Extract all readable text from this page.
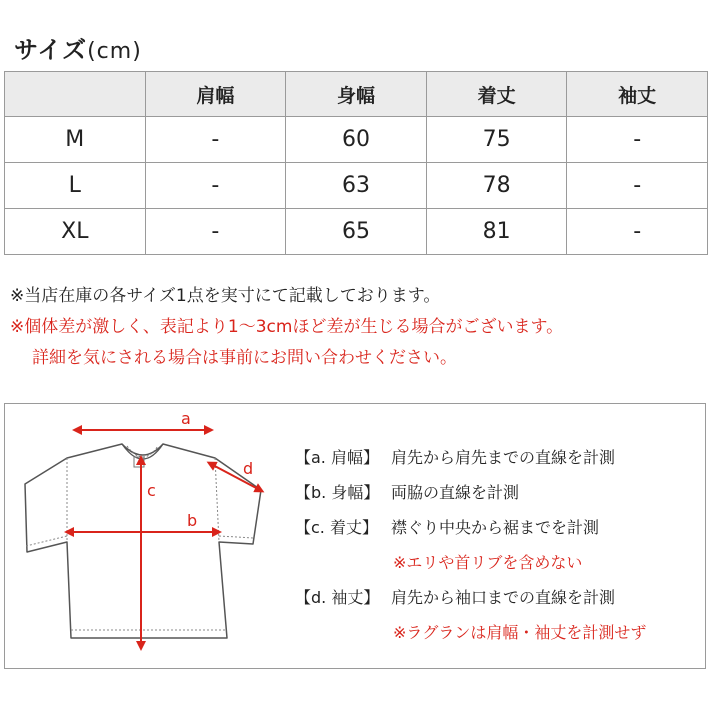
サイズ(cm)
	肩幅	身幅	着丈	袖丈
M	-	60	75	-
L	-	63	78	-
XL	-	65	81	-
※当店在庫の各サイズ1点を実寸にて記載しております。
※個体差が激しく、表記より1〜3cmほど差が生じる場合がございます。
詳細を気にされる場合は事前にお問い合わせください。
a
b
c
d
【a. 肩幅】 肩先から肩先までの直線を計測
【b. 身幅】 両脇の直線を計測
【c. 着丈】 襟ぐり中央から裾までを計測
※エリや首リブを含めない
【d. 袖丈】 肩先から袖口までの直線を計測
※ラグランは肩幅・袖丈を計測せず
